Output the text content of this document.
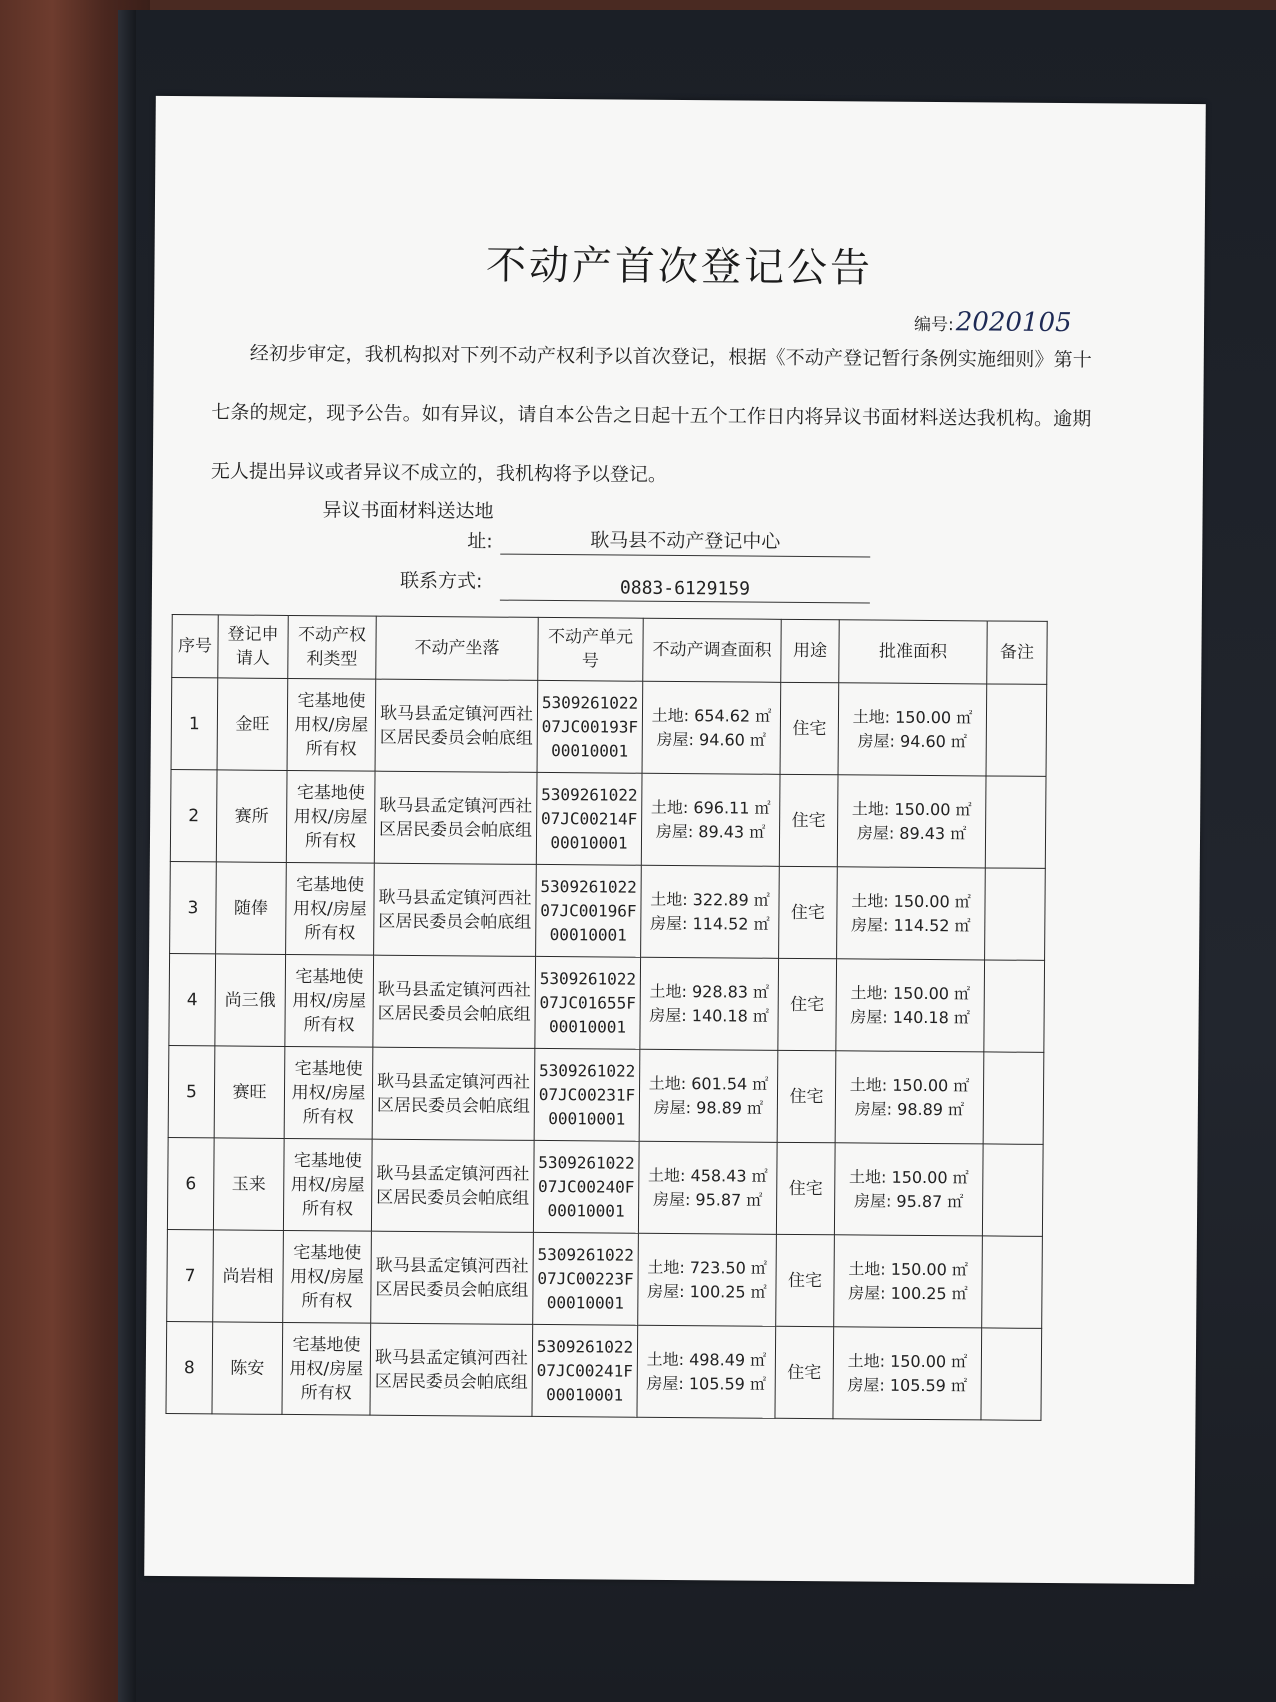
不动产首次登记公告
编号:2020105
经初步审定，我机构拟对下列不动产权利予以首次登记，根据《不动产登记暂行条例实施细则》第十七条的规定，现予公告。如有异议，请自本公告之日起十五个工作日内将异议书面材料送达我机构。逾期无人提出异议或者异议不成立的，我机构将予以登记。
异议书面材料送达地
址:	耿马县不动产登记中心
联系方式:	0883-6129159
序号	登记申请人	不动产权利类型	不动产坐落	不动产单元号	不动产调查面积	用途	批准面积	备注
1	金旺	宅基地使用权/房屋所有权	耿马县孟定镇河西社区居民委员会帕底组	530926102207JC00193F00010001	土地: 654.62 ㎡
房屋: 94.60 ㎡	住宅	土地: 150.00 ㎡
房屋: 94.60 ㎡	

2	赛所	宅基地使用权/房屋所有权	耿马县孟定镇河西社区居民委员会帕底组	530926102207JC00214F00010001	土地: 696.11 ㎡
房屋: 89.43 ㎡	住宅	土地: 150.00 ㎡
房屋: 89.43 ㎡	

3	随俸	宅基地使用权/房屋所有权	耿马县孟定镇河西社区居民委员会帕底组	530926102207JC00196F00010001	土地: 322.89 ㎡
房屋: 114.52 ㎡	住宅	土地: 150.00 ㎡
房屋: 114.52 ㎡	

4	尚三俄	宅基地使用权/房屋所有权	耿马县孟定镇河西社区居民委员会帕底组	530926102207JC01655F00010001	土地: 928.83 ㎡
房屋: 140.18 ㎡	住宅	土地: 150.00 ㎡
房屋: 140.18 ㎡	

5	赛旺	宅基地使用权/房屋所有权	耿马县孟定镇河西社区居民委员会帕底组	530926102207JC00231F00010001	土地: 601.54 ㎡
房屋: 98.89 ㎡	住宅	土地: 150.00 ㎡
房屋: 98.89 ㎡	

6	玉来	宅基地使用权/房屋所有权	耿马县孟定镇河西社区居民委员会帕底组	530926102207JC00240F00010001	土地: 458.43 ㎡
房屋: 95.87 ㎡	住宅	土地: 150.00 ㎡
房屋: 95.87 ㎡	

7	尚岩相	宅基地使用权/房屋所有权	耿马县孟定镇河西社区居民委员会帕底组	530926102207JC00223F00010001	土地: 723.50 ㎡
房屋: 100.25 ㎡	住宅	土地: 150.00 ㎡
房屋: 100.25 ㎡	

8	陈安	宅基地使用权/房屋所有权	耿马县孟定镇河西社区居民委员会帕底组	530926102207JC00241F00010001	土地: 498.49 ㎡
房屋: 105.59 ㎡	住宅	土地: 150.00 ㎡
房屋: 105.59 ㎡	
